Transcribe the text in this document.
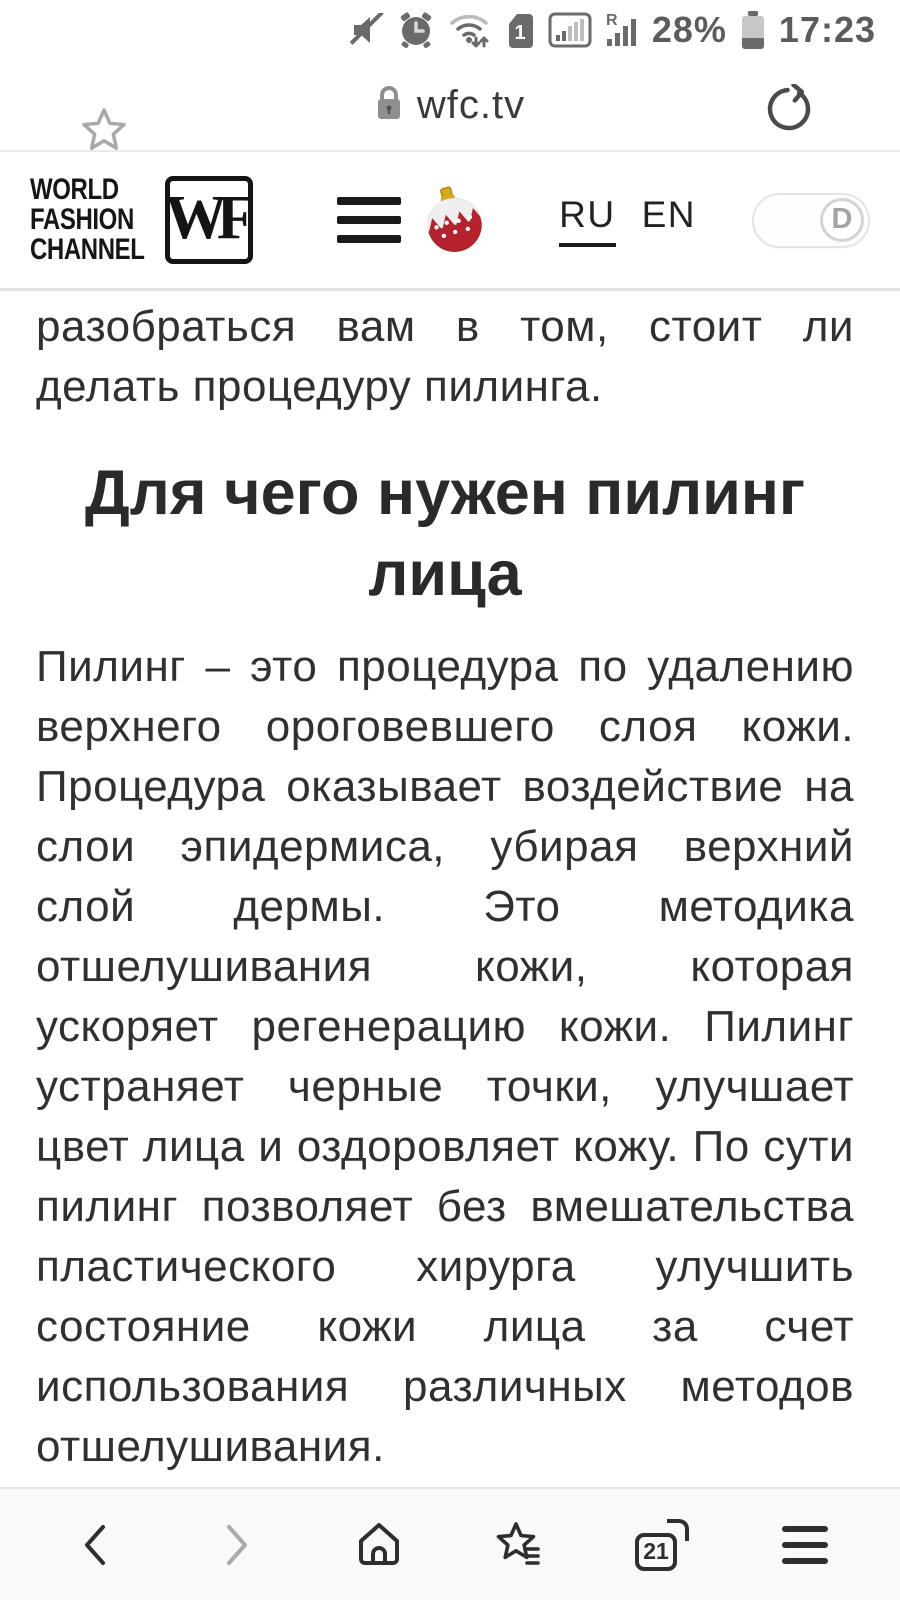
1
R 28% 17:23
wfc.tv
WORLD
FASHION
CHANNEL WF	RU EN	D

разобраться вам в том, стоит ли делать процедуру пилинга.

Для чего нужен пилинг лица

Пилинг – это процедура по удалению верхнего ороговевшего слоя кожи. Процедура оказывает воздействие на слои эпидермиса, убирая верхний слой дермы. Это методика отшелушивания кожи, которая ускоряет регенерацию кожи. Пилинг устраняет черные точки, улучшает цвет лица и оздоровляет кожу. По сути пилинг позволяет без вмешательства пластического хирурга улучшить состояние кожи лица за счет использования различных методов отшелушивания.

21
